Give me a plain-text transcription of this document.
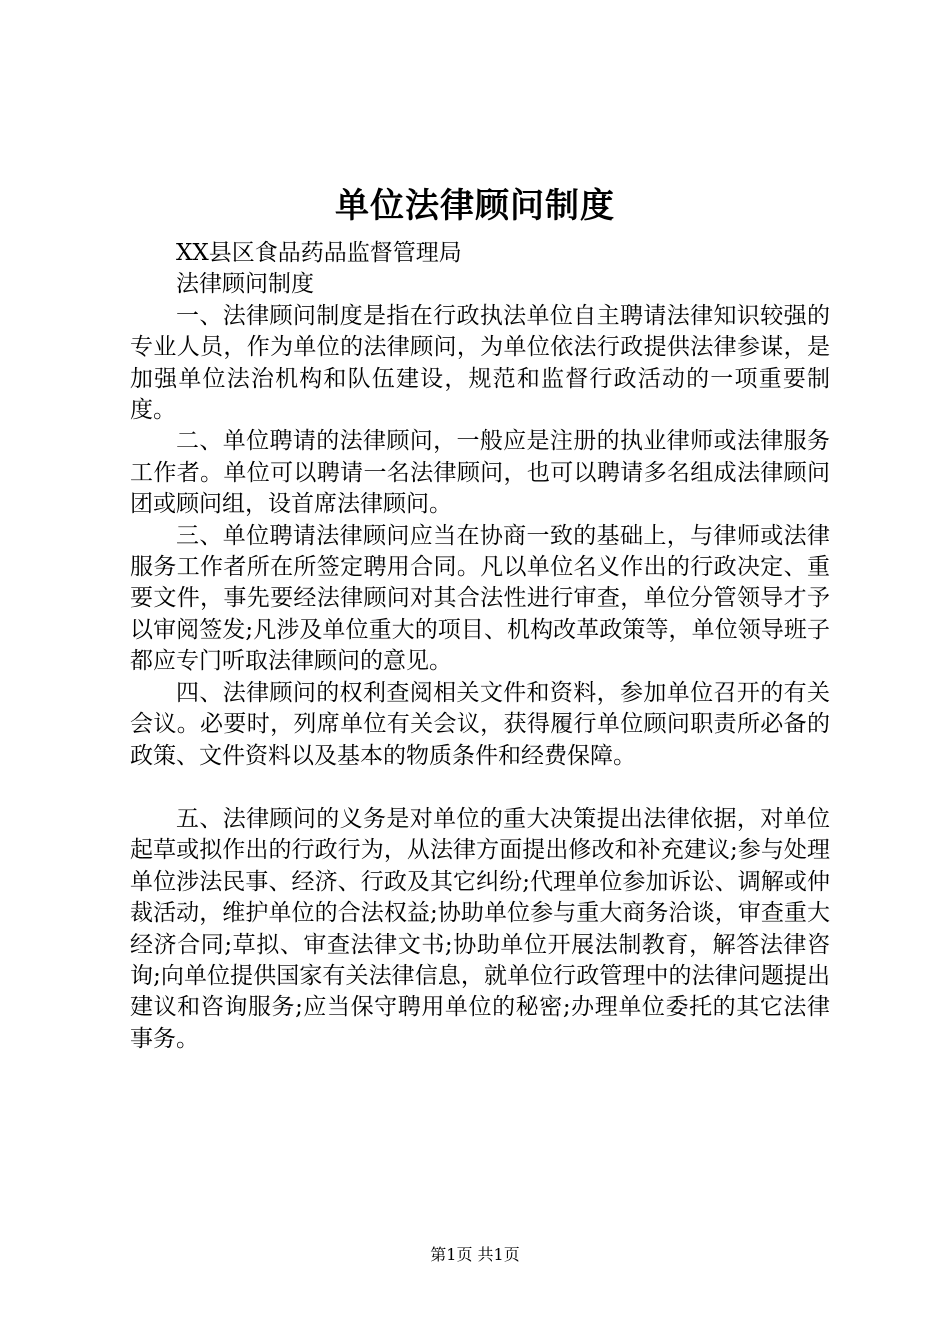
单位法律顾问制度

XX县区食品药品监督管理局

法律顾问制度

一、法律顾问制度是指在行政执法单位自主聘请法律知识较强的专业人员，作为单位的法律顾问，为单位依法行政提供法律参谋，是加强单位法治机构和队伍建设，规范和监督行政活动的一项重要制度。

二、单位聘请的法律顾问，一般应是注册的执业律师或法律服务工作者。单位可以聘请一名法律顾问，也可以聘请多名组成法律顾问团或顾问组，设首席法律顾问。

三、单位聘请法律顾问应当在协商一致的基础上，与律师或法律服务工作者所在所签定聘用合同。凡以单位名义作出的行政决定、重要文件，事先要经法律顾问对其合法性进行审查，单位分管领导才予以审阅签发;凡涉及单位重大的项目、机构改革政策等，单位领导班子都应专门听取法律顾问的意见。

四、法律顾问的权利查阅相关文件和资料，参加单位召开的有关会议。必要时，列席单位有关会议，获得履行单位顾问职责所必备的政策、文件资料以及基本的物质条件和经费保障。

五、法律顾问的义务是对单位的重大决策提出法律依据，对单位起草或拟作出的行政行为，从法律方面提出修改和补充建议;参与处理单位涉法民事、经济、行政及其它纠纷;代理单位参加诉讼、调解或仲裁活动，维护单位的合法权益;协助单位参与重大商务洽谈，审查重大经济合同;草拟、审查法律文书;协助单位开展法制教育，解答法律咨询;向单位提供国家有关法律信息，就单位行政管理中的法律问题提出建议和咨询服务;应当保守聘用单位的秘密;办理单位委托的其它法律事务。

第1页 共1页
